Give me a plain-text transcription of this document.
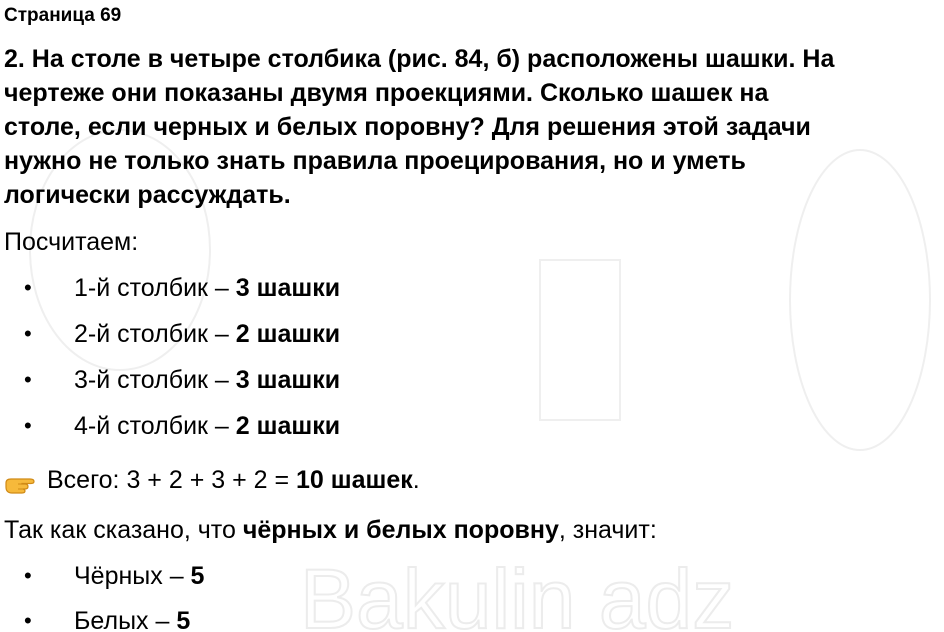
Bakulin adz
Страница 69
2. На столе в четыре столбика (рис. 84, б) расположены шашки. На
чертеже они показаны двумя проекциями. Сколько шашек на
столе, если черных и белых поровну? Для решения этой задачи
нужно не только знать правила проецирования, но и уметь
логически рассуждать.
Посчитаем:
• 1-й столбик – 3 шашки
• 2-й столбик – 2 шашки
• 3-й столбик – 3 шашки
• 4-й столбик – 2 шашки
Всего: 3 + 2 + 3 + 2 = 10 шашек.
Так как сказано, что чёрных и белых поровну, значит:
• Чёрных – 5
• Белых – 5
